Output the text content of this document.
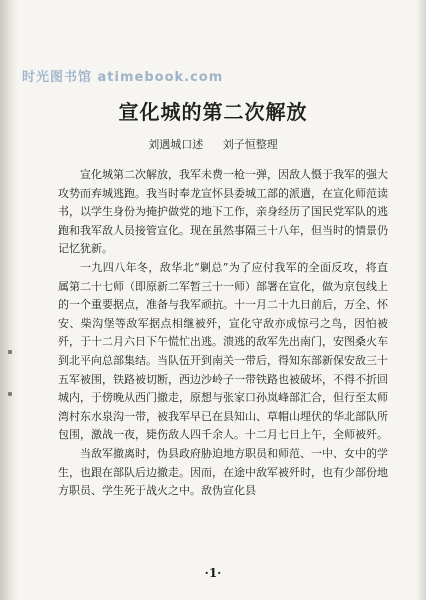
时光图书馆 atimebook.com
宣化城的第二次解放
刘遇城口述 刘子恒整理

宣化城第二次解放，我军未费一枪一弹，因敌人慑于我军的强大攻势而弃城逃跑。我当时奉龙宣怀县委城工部的派遣，在宣化师范读书，以学生身份为掩护做党的地下工作，亲身经历了国民党军队的逃跑和我军敌人员接管宣化。现在虽然事隔三十八年，但当时的情景仍记忆犹新。

一九四八年冬，敌华北“剿总”为了应付我军的全面反攻，将直属第二十七师（即原新二军暂三十一师）部署在宣化，做为京包线上的一个重要据点，准备与我军顽抗。十一月二十九日前后，万全、怀安、柴沟堡等敌军据点相继被歼，宣化守敌亦成惊弓之鸟，因怕被歼，于十二月六日下午慌忙出逃。溃逃的敌军先出南门，安图桑火车到北平向总部集结。当队伍开到南关一带后，得知东部新保安敌三十五军被围，铁路被切断，西边沙岭子一带铁路也被破坏，不得不折回城内，于傍晚从西门撤走，原想与张家口孙岚峰部汇合，但行至太师湾村东水泉沟一带，被我军早已在县知山、草帽山埋伏的华北部队所包围，激战一夜，毙伤敌人四千余人。十二月七日上午，全师被歼。

当敌军撤离时，伪县政府胁迫地方职员和师范、一中、女中的学生，也跟在部队后边撤走。因而，在途中敌军被歼时，也有少部份地方职员、学生死于战火之中。敌伪宣化县

·1·
